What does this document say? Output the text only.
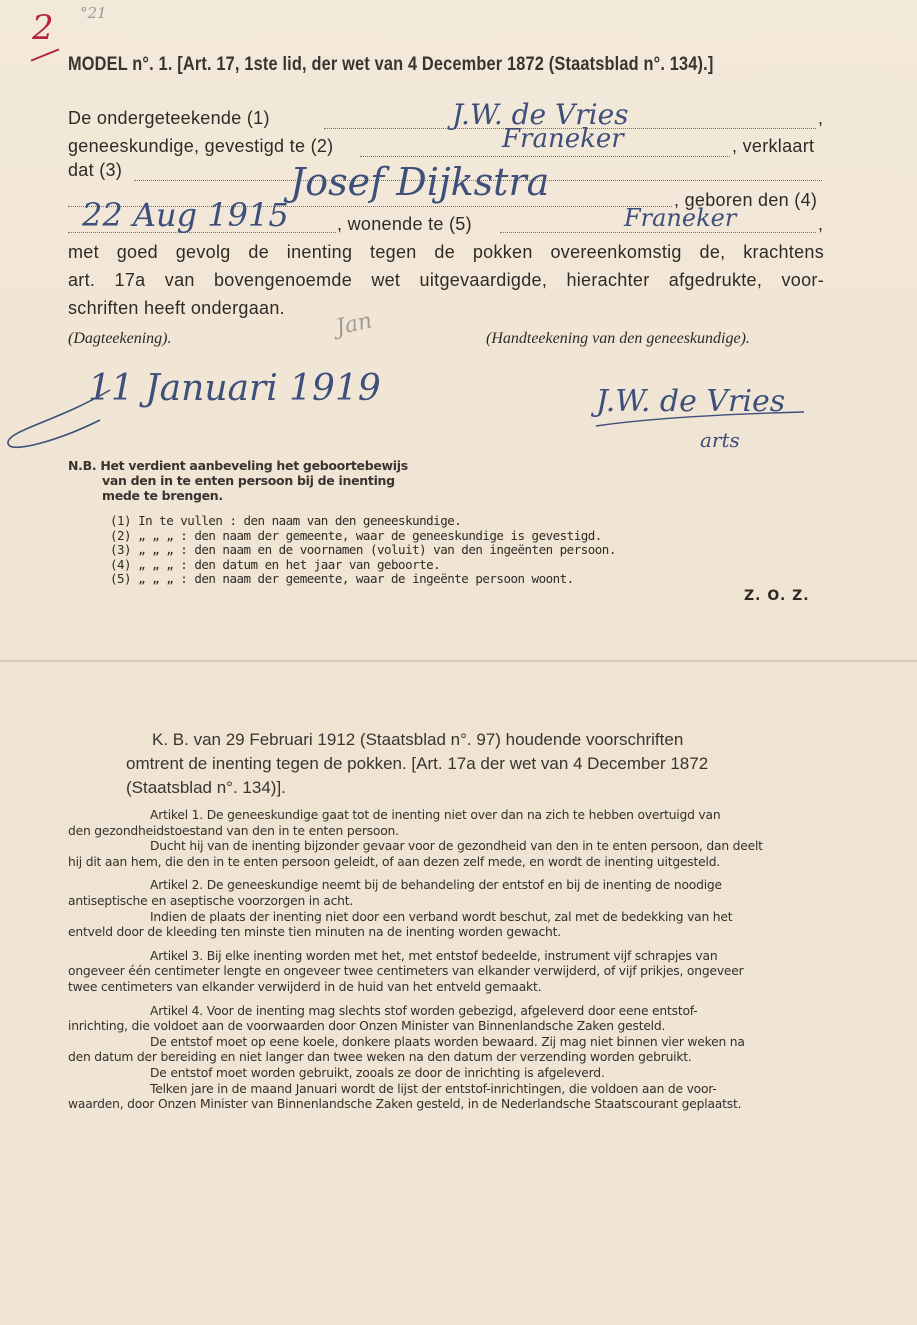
2 °21
MODEL n°. 1. [Art. 17, 1ste lid, der wet van 4 December 1872 (Staatsblad n°. 134).]
De ondergeteekende (1)	J.W. de Vries	,
geneeskundige, gevestigd te (2)	Franeker	, verklaart
dat (3)	Josef Dijkstra	, geboren den (4)
22 Aug 1915	, wonende te (5)	Franeker	,
met goed gevolg de inenting tegen de pokken overeenkomstig de, krachtens
art. 17a van bovengenoemde wet uitgevaardigde, hierachter afgedrukte, voor-
schriften heeft ondergaan.
Jan
(Dagteekening).	(Handteekening van den geneeskundige).
11 Januari 1919	J.W. de Vries
arts
N.B. Het verdient aanbeveling het geboortebewijs
van den in te enten persoon bij de inenting
mede te brengen.
(1) In te vullen : den naam van den geneeskundige.
(2) „ „ „ : den naam der gemeente, waar de geneeskundige is gevestigd.
(3) „ „ „ : den naam en de voornamen (voluit) van den ingeënten persoon.
(4) „ „ „ : den datum en het jaar van geboorte.
(5) „ „ „ : den naam der gemeente, waar de ingeënte persoon woont.
Z. O. Z.
K. B. van 29 Februari 1912 (Staatsblad n°. 97) houdende voorschriften
omtrent de inenting tegen de pokken. [Art. 17a der wet van 4 December 1872
(Staatsblad n°. 134)].
Artikel 1. De geneeskundige gaat tot de inenting niet over dan na zich te hebben overtuigd van
den gezondheidstoestand van den in te enten persoon.
Ducht hij van de inenting bijzonder gevaar voor de gezondheid van den in te enten persoon, dan deelt
hij dit aan hem, die den in te enten persoon geleidt, of aan dezen zelf mede, en wordt de inenting uitgesteld.
Artikel 2. De geneeskundige neemt bij de behandeling der entstof en bij de inenting de noodige
antiseptische en aseptische voorzorgen in acht.
Indien de plaats der inenting niet door een verband wordt beschut, zal met de bedekking van het
entveld door de kleeding ten minste tien minuten na de inenting worden gewacht.
Artikel 3. Bij elke inenting worden met het, met entstof bedeelde, instrument vijf schrapjes van
ongeveer één centimeter lengte en ongeveer twee centimeters van elkander verwijderd, of vijf prikjes, ongeveer
twee centimeters van elkander verwijderd in de huid van het entveld gemaakt.
Artikel 4. Voor de inenting mag slechts stof worden gebezigd, afgeleverd door eene entstof-
inrichting, die voldoet aan de voorwaarden door Onzen Minister van Binnenlandsche Zaken gesteld.
De entstof moet op eene koele, donkere plaats worden bewaard. Zij mag niet binnen vier weken na
den datum der bereiding en niet langer dan twee weken na den datum der verzending worden gebruikt.
De entstof moet worden gebruikt, zooals ze door de inrichting is afgeleverd.
Telken jare in de maand Januari wordt de lijst der entstof-inrichtingen, die voldoen aan de voor-
waarden, door Onzen Minister van Binnenlandsche Zaken gesteld, in de Nederlandsche Staatscourant geplaatst.
